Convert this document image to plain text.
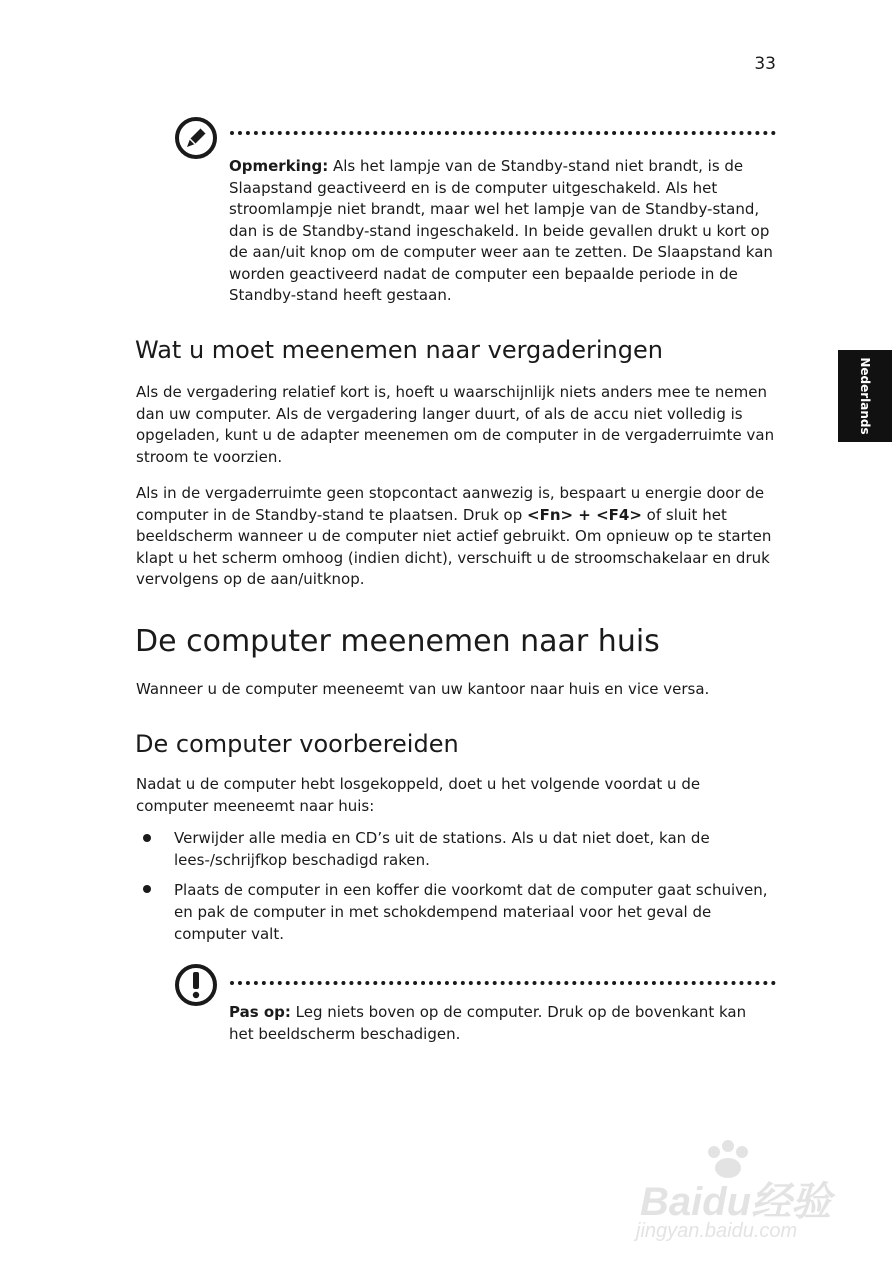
33
Nederlands

Opmerking: Als het lampje van de Standby-stand niet brandt, is de Slaapstand geactiveerd en is de computer uitgeschakeld. Als het stroomlampje niet brandt, maar wel het lampje van de Standby-stand, dan is de Standby-stand ingeschakeld. In beide gevallen drukt u kort op de aan/uit knop om de computer weer aan te zetten. De Slaapstand kan worden geactiveerd nadat de computer een bepaalde periode in de Standby-stand heeft gestaan.

Wat u moet meenemen naar vergaderingen

Als de vergadering relatief kort is, hoeft u waarschijnlijk niets anders mee te nemen dan uw computer. Als de vergadering langer duurt, of als de accu niet volledig is opgeladen, kunt u de adapter meenemen om de computer in de vergaderruimte van stroom te voorzien.

Als in de vergaderruimte geen stopcontact aanwezig is, bespaart u energie door de computer in de Standby-stand te plaatsen. Druk op <Fn> + <F4> of sluit het beeldscherm wanneer u de computer niet actief gebruikt. Om opnieuw op te starten klapt u het scherm omhoog (indien dicht), verschuift u de stroomschakelaar en druk vervolgens op de aan/uitknop.

De computer meenemen naar huis

Wanneer u de computer meeneemt van uw kantoor naar huis en vice versa.

De computer voorbereiden

Nadat u de computer hebt losgekoppeld, doet u het volgende voordat u de computer meeneemt naar huis:

Verwijder alle media en CD’s uit de stations. Als u dat niet doet, kan de lees-/schrijfkop beschadigd raken.

Plaats de computer in een koffer die voorkomt dat de computer gaat schuiven, en pak de computer in met schokdempend materiaal voor het geval de computer valt.

Pas op: Leg niets boven op de computer. Druk op de bovenkant kan het beeldscherm beschadigen.

Baidu经验
jingyan.baidu.com
